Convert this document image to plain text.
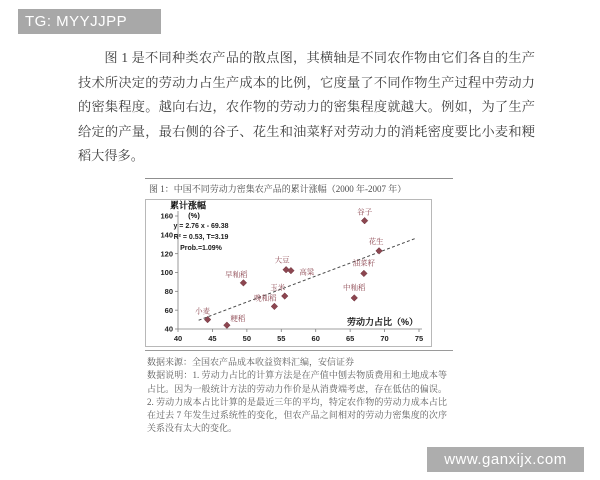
TG: MYYJJPP

图 1 是不同种类农产品的散点图，其横轴是不同农作物由它们各自的生产技术所决定的劳动力占生产成本的比例，它度量了不同作物生产过程中劳动力的密集程度。越向右边，农作物的劳动力的密集程度就越大。例如，为了生产给定的产量，最右侧的谷子、花生和油菜籽对劳动力的消耗密度要比小麦和粳稻大得多。

图 1：中国不同劳动力密集农产品的累计涨幅（2000 年-2007 年）
40
60
80
100
120
140
160
40	45	50	55	60	65	70	75
累计涨幅
(%)
劳动力占比（%）
y = 2.76 x - 69.38
R² = 0.53, T=3.19
Prob.=1.09%
小麦
粳稻
早籼稻
晚籼稻
玉米
大豆
高粱
中籼稻
油菜籽
谷子
花生
数据来源：全国农产品成本收益资料汇编，安信证券
数据说明：1. 劳动力占比的计算方法是在产值中刨去物质费用和土地成本等占比。因为一般统计方法的劳动力作价是从消费端考虑，存在低估的偏误。2. 劳动力成本占比计算的是最近三年的平均，特定农作物的劳动力成本占比在过去 7 年发生过系统性的变化，但农产品之间相对的劳动力密集度的次序关系没有太大的变化。
www.ganxijx.com
